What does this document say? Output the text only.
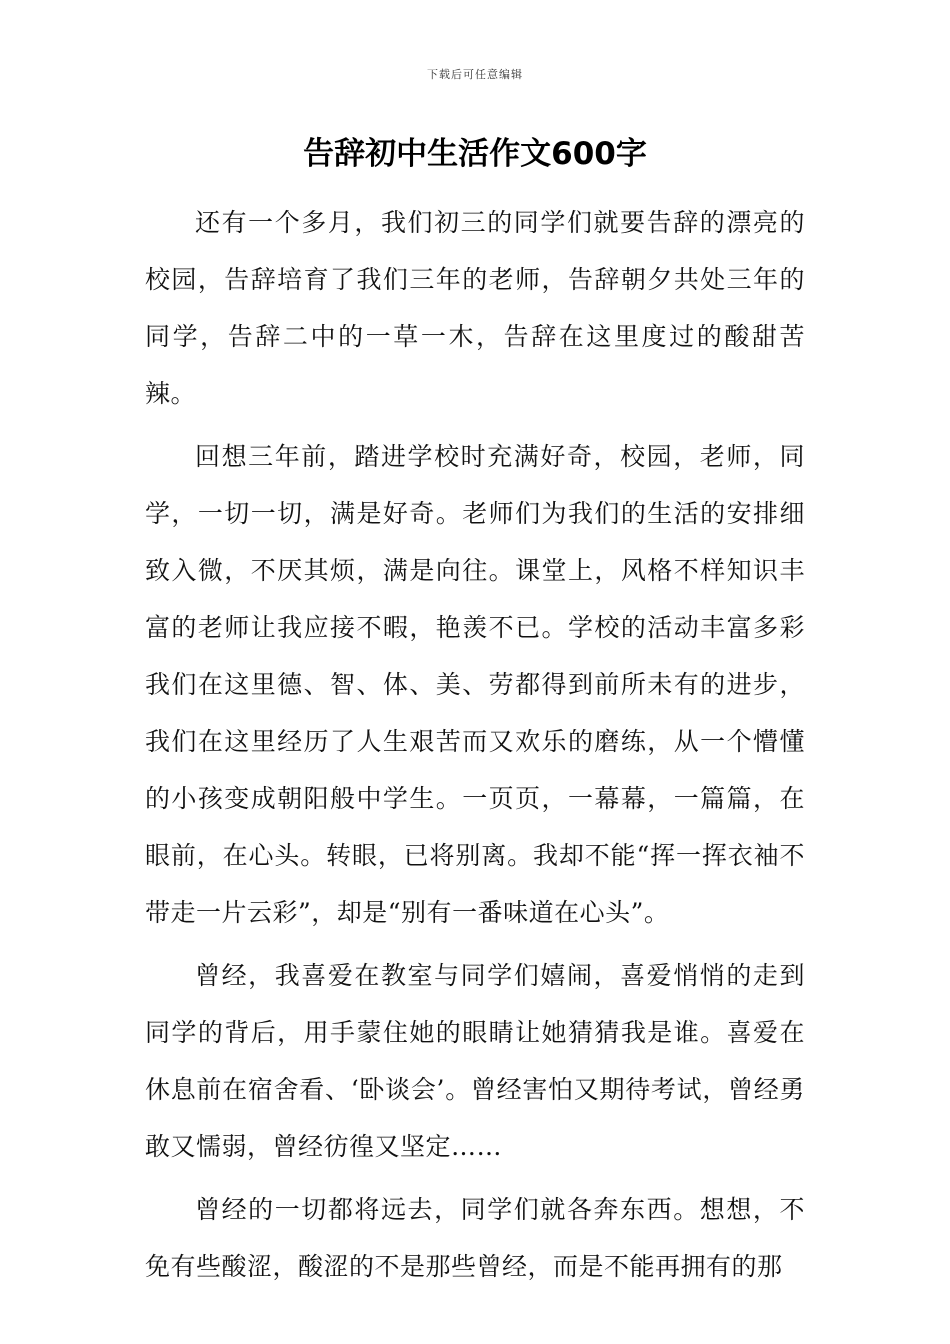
下载后可任意编辑
告辞初中生活作文600字

还有一个多月，我们初三的同学们就要告辞的漂亮的校园，告辞培育了我们三年的老师，告辞朝夕共处三年的同学，告辞二中的一草一木，告辞在这里度过的酸甜苦辣。

回想三年前，踏进学校时充满好奇，校园，老师，同学，一切一切，满是好奇。老师们为我们的生活的安排细致入微，不厌其烦，满是向往。课堂上，风格不样知识丰富的老师让我应接不暇，艳羡不已。学校的活动丰富多彩我们在这里德、智、体、美、劳都得到前所未有的进步，我们在这里经历了人生艰苦而又欢乐的磨练，从一个懵懂的小孩变成朝阳般中学生。一页页，一幕幕，一篇篇，在眼前，在心头。转眼，已将别离。我却不能“挥一挥衣袖不带走一片云彩”，却是“别有一番味道在心头”。

曾经，我喜爱在教室与同学们嬉闹，喜爱悄悄的走到同学的背后，用手蒙住她的眼睛让她猜猜我是谁。喜爱在休息前在宿舍看、‘卧谈会’。曾经害怕又期待考试，曾经勇敢又懦弱，曾经彷徨又坚定……

曾经的一切都将远去，同学们就各奔东西。想想，不免有些酸涩，酸涩的不是那些曾经，而是不能再拥有的那
